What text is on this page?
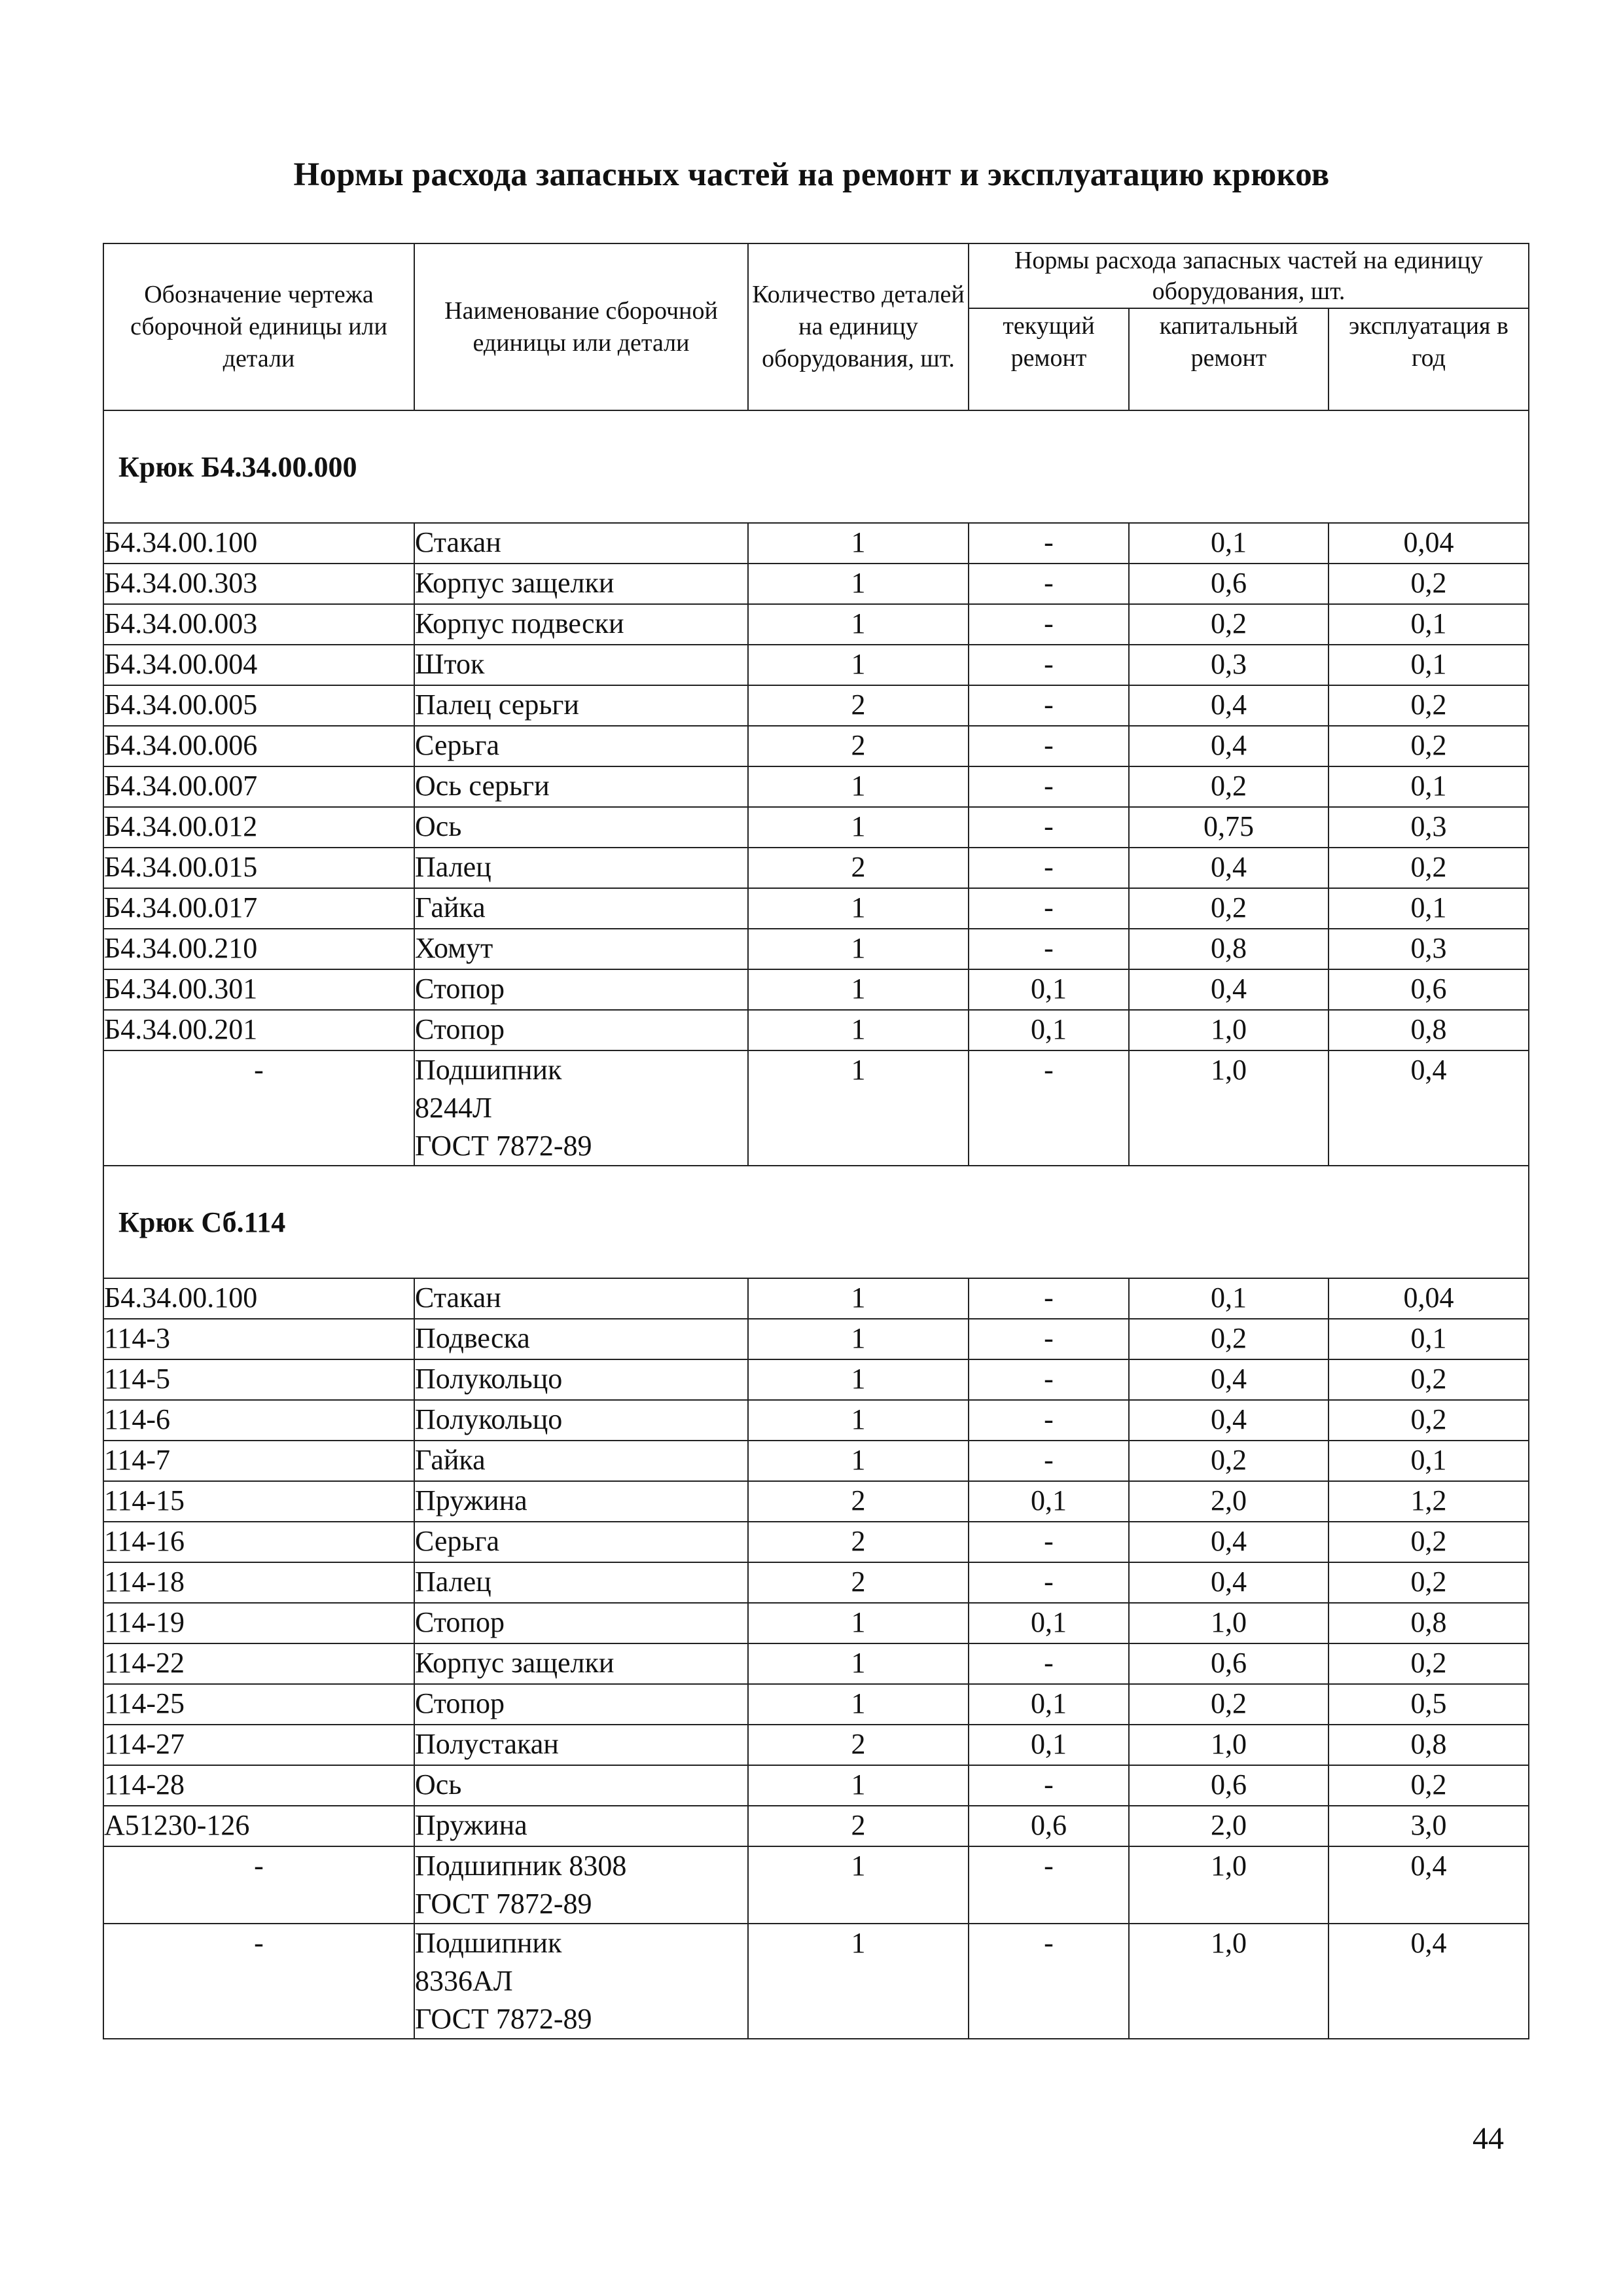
Нормы расхода запасных частей на ремонт и эксплуатацию крюков
Обозначение чертежа сборочной единицы или детали	Наименование сборочной единицы или детали	Количество деталей на единицу оборудования, шт.	Нормы расхода запасных частей на единицу оборудования, шт.		
			текущий ремонт	капитальный ремонт	эксплуатация в год
Крюк Б4.34.00.000					
Б4.34.00.100	Стакан	1	-	0,1	0,04
Б4.34.00.303	Корпус защелки	1	-	0,6	0,2
Б4.34.00.003	Корпус подвески	1	-	0,2	0,1
Б4.34.00.004	Шток	1	-	0,3	0,1
Б4.34.00.005	Палец серьги	2	-	0,4	0,2
Б4.34.00.006	Серьга	2	-	0,4	0,2
Б4.34.00.007	Ось серьги	1	-	0,2	0,1
Б4.34.00.012	Ось	1	-	0,75	0,3
Б4.34.00.015	Палец	2	-	0,4	0,2
Б4.34.00.017	Гайка	1	-	0,2	0,1
Б4.34.00.210	Хомут	1	-	0,8	0,3
Б4.34.00.301	Стопор	1	0,1	0,4	0,6
Б4.34.00.201	Стопор	1	0,1	1,0	0,8
-	Подшипник
8244Л
ГОСТ 7872-89	1	-	1,0	0,4
Крюк Сб.114					
Б4.34.00.100	Стакан	1	-	0,1	0,04
114-3	Подвеска	1	-	0,2	0,1
114-5	Полукольцо	1	-	0,4	0,2
114-6	Полукольцо	1	-	0,4	0,2
114-7	Гайка	1	-	0,2	0,1
114-15	Пружина	2	0,1	2,0	1,2
114-16	Серьга	2	-	0,4	0,2
114-18	Палец	2	-	0,4	0,2
114-19	Стопор	1	0,1	1,0	0,8
114-22	Корпус защелки	1	-	0,6	0,2
114-25	Стопор	1	0,1	0,2	0,5
114-27	Полустакан	2	0,1	1,0	0,8
114-28	Ось	1	-	0,6	0,2
А51230-126	Пружина	2	0,6	2,0	3,0
-	Подшипник 8308
ГОСТ 7872-89	1	-	1,0	0,4
-	Подшипник
8336АЛ
ГОСТ 7872-89	1	-	1,0	0,4
44
